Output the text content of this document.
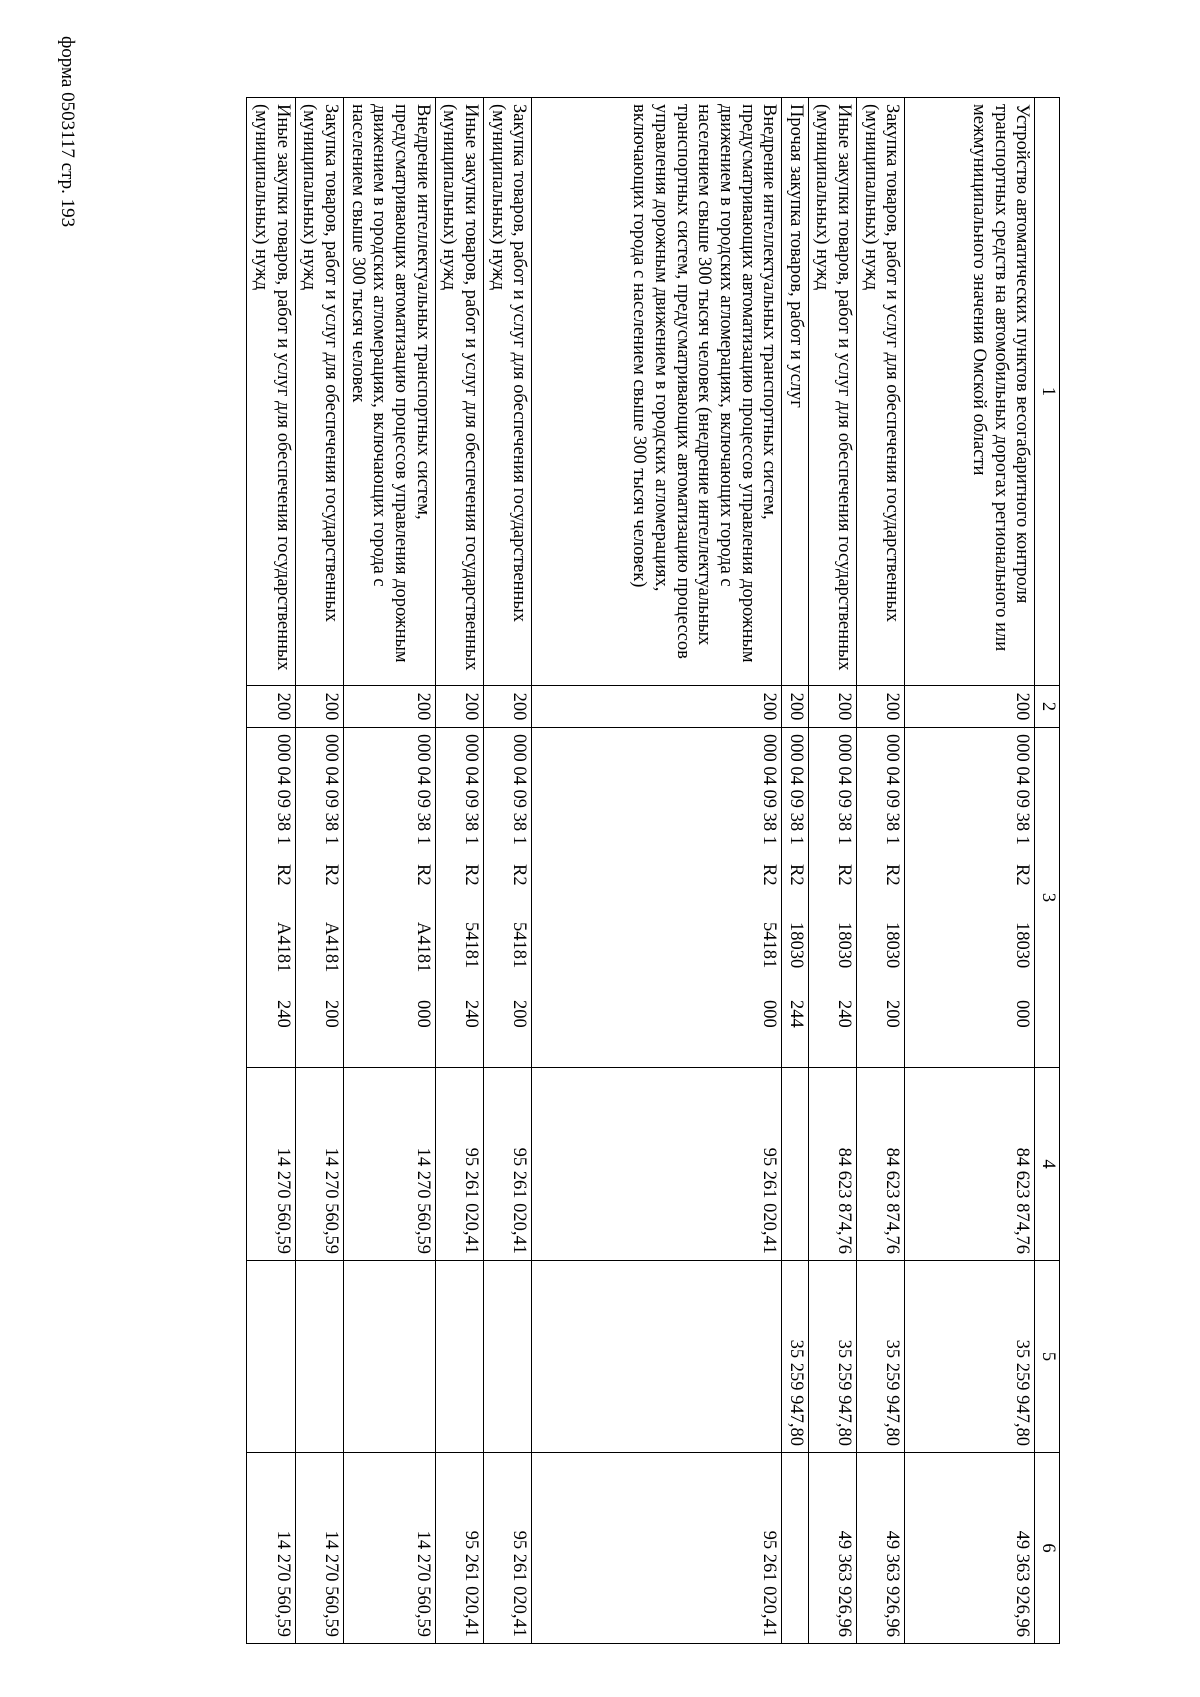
форма 0503117 стр. 193
1	2	3	4	5	6
Устройство автоматических пунктов весогабаритного контроля транспортных средств на автомобильных дорогах регионального или межмуниципального значения Омской области	200	000 04 09 38 1R218030000	84 623 874,76	35 259 947,80	49 363 926,96
Закупка товаров, работ и услуг для обеспечения государственных (муниципальных) нужд	200	000 04 09 38 1R218030200	84 623 874,76	35 259 947,80	49 363 926,96
Иные закупки товаров, работ и услуг для обеспечения государственных (муниципальных) нужд	200	000 04 09 38 1R218030240	84 623 874,76	35 259 947,80	49 363 926,96
Прочая закупка товаров, работ и услуг	200	000 04 09 38 1R218030244		35 259 947,80	
Внедрение интеллектуальных транспортных систем, предусматривающих автоматизацию процессов управления дорожным движением в городских агломерациях, включающих города с населением свыше 300 тысяч человек (внедрение интеллектуальных транспортных систем, предусматривающих автоматизацию процессов управления дорожным движением в городских агломерациях, включающих города с населением свыше 300 тысяч человек)	200	000 04 09 38 1R254181000	95 261 020,41		95 261 020,41
Закупка товаров, работ и услуг для обеспечения государственных (муниципальных) нужд	200	000 04 09 38 1R254181200	95 261 020,41		95 261 020,41
Иные закупки товаров, работ и услуг для обеспечения государственных (муниципальных) нужд	200	000 04 09 38 1R254181240	95 261 020,41		95 261 020,41
Внедрение интеллектуальных транспортных систем, предусматривающих автоматизацию процессов управления дорожным движением в городских агломерациях, включающих города с населением свыше 300 тысяч человек	200	000 04 09 38 1R2A4181000	14 270 560,59		14 270 560,59
Закупка товаров, работ и услуг для обеспечения государственных (муниципальных) нужд	200	000 04 09 38 1R2A4181200	14 270 560,59		14 270 560,59
Иные закупки товаров, работ и услуг для обеспечения государственных (муниципальных) нужд	200	000 04 09 38 1R2A4181240	14 270 560,59		14 270 560,59
